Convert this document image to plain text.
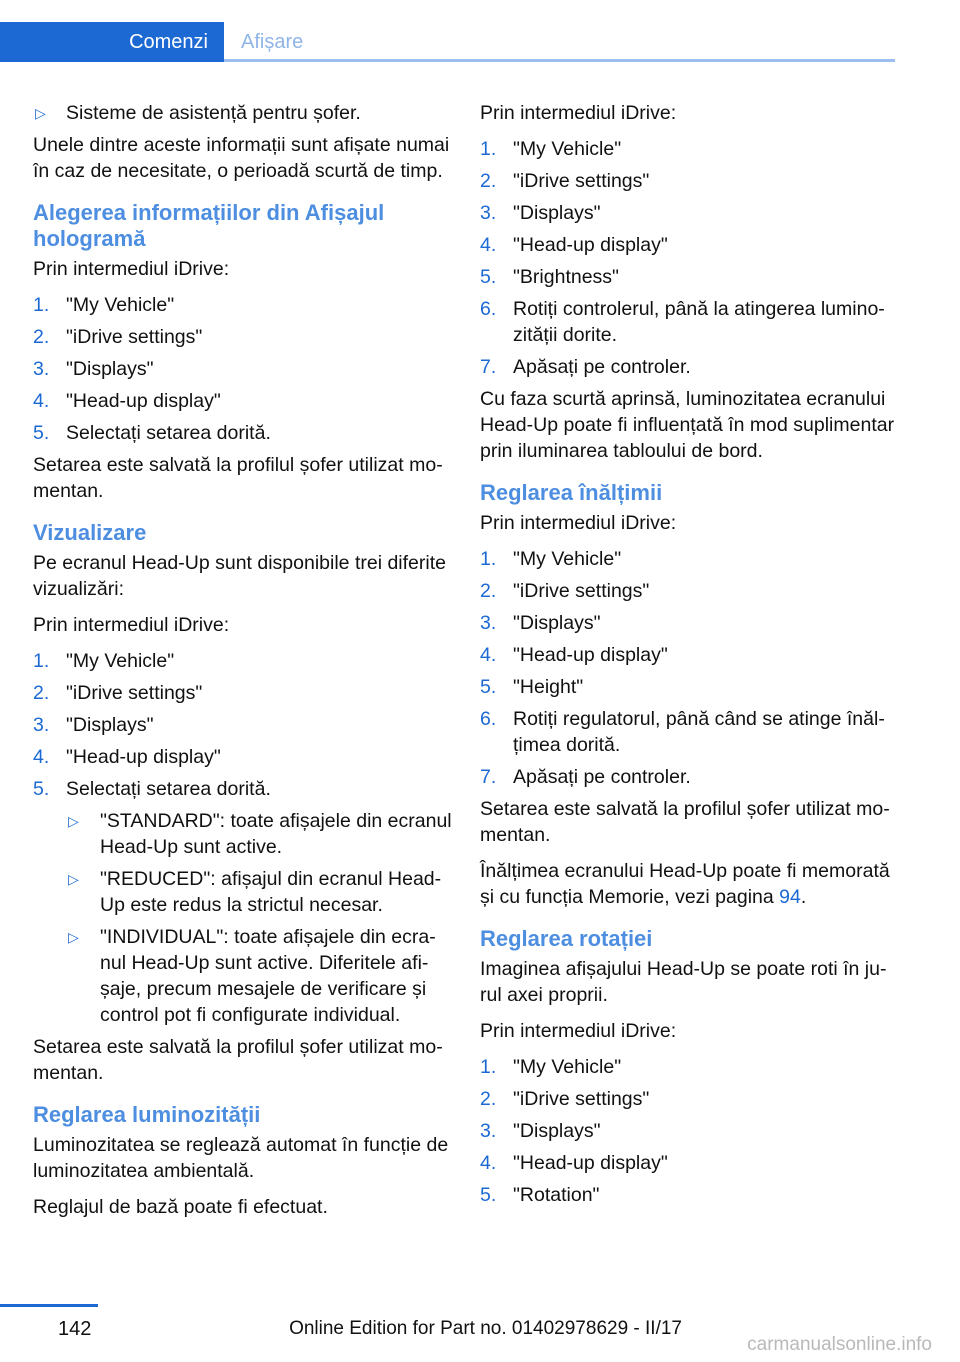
Comenzi Afișare
▷ Sisteme de asistență pentru șofer.

Unele dintre aceste informații sunt afișate numai în caz de necesitate, o perioadă scurtă de timp.

Alegerea informațiilor din Afișajul hologramă

Prin intermediul iDrive:

1. "My Vehicle"
2. "iDrive settings"
3. "Displays"
4. "Head-up display"
5. Selectați setarea dorită.

Setarea este salvată la profilul șofer utilizat momentan.

Vizualizare

Pe ecranul Head-Up sunt disponibile trei diferite vizualizări:

Prin intermediul iDrive:

1. "My Vehicle"
2. "iDrive settings"
3. "Displays"
4. "Head-up display"
5. Selectați setarea dorită.
▷ "STANDARD": toate afișajele din ecranul Head-Up sunt active.
▷ "REDUCED": afișajul din ecranul Head-Up este redus la strictul necesar.
▷ "INDIVIDUAL": toate afișajele din ecranul Head-Up sunt active. Diferitele afișaje, precum mesajele de verificare și control pot fi configurate individual.

Setarea este salvată la profilul șofer utilizat momentan.

Reglarea luminozității

Luminozitatea se reglează automat în funcție de luminozitatea ambientală.

Reglajul de bază poate fi efectuat.

Prin intermediul iDrive:

1. "My Vehicle"
2. "iDrive settings"
3. "Displays"
4. "Head-up display"
5. "Brightness"
6. Rotiți controlerul, până la atingerea luminozității dorite.
7. Apăsați pe controler.

Cu faza scurtă aprinsă, luminozitatea ecranului Head-Up poate fi influențată în mod suplimentar prin iluminarea tabloului de bord.

Reglarea înălțimii

Prin intermediul iDrive:

1. "My Vehicle"
2. "iDrive settings"
3. "Displays"
4. "Head-up display"
5. "Height"
6. Rotiți regulatorul, până când se atinge înălțimea dorită.
7. Apăsați pe controler.

Setarea este salvată la profilul șofer utilizat momentan.

Înălțimea ecranului Head-Up poate fi memorată și cu funcția Memorie, vezi pagina 94.

Reglarea rotației

Imaginea afișajului Head-Up se poate roti în jurul axei proprii.

Prin intermediul iDrive:

1. "My Vehicle"
2. "iDrive settings"
3. "Displays"
4. "Head-up display"
5. "Rotation"
142	Online Edition for Part no. 01402978629 - II/17
carmanualsonline.info
